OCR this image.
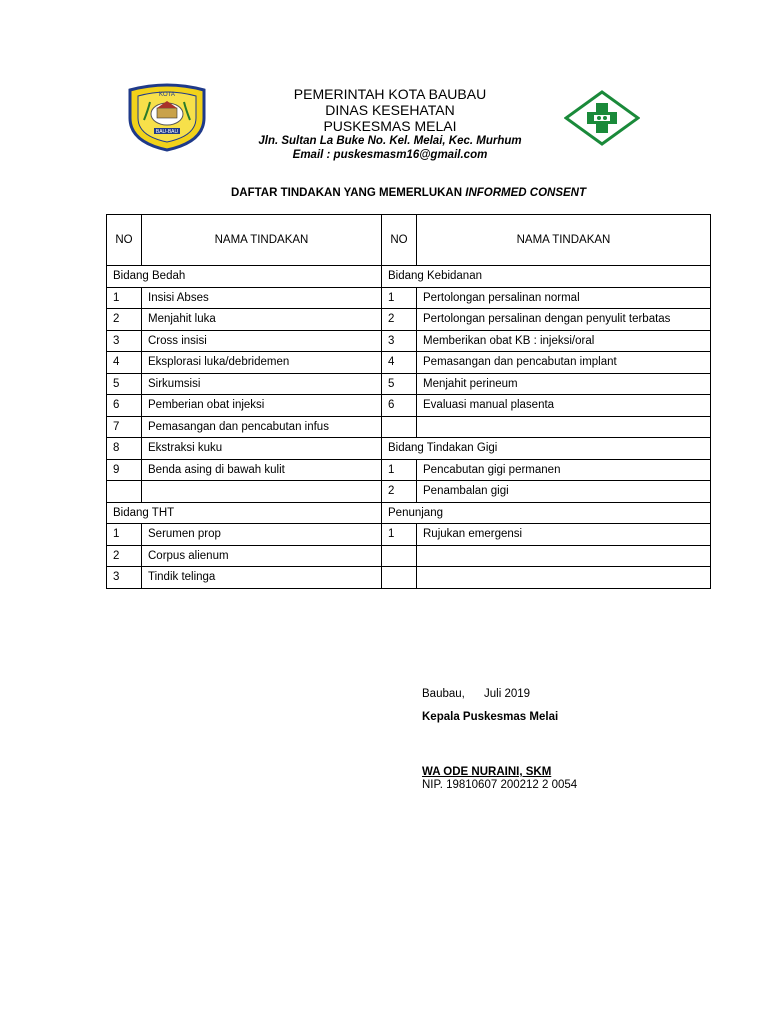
KOTA
BAU-BAU
PEMERINTAH KOTA BAUBAU
DINAS KESEHATAN
PUSKESMAS MELAI
Jln. Sultan La Buke No. Kel. Melai, Kec. Murhum
Email : puskesmasm16@gmail.com
DAFTAR TINDAKAN YANG MEMERLUKAN INFORMED CONSENT
NO	NAMA TINDAKAN	NO	NAMA TINDAKAN
Bidang Bedah		Bidang Kebidanan	
1	Insisi Abses	1	Pertolongan persalinan normal
2	Menjahit luka	2	Pertolongan persalinan dengan penyulit terbatas
3	Cross insisi	3	Memberikan obat KB : injeksi/oral
4	Eksplorasi luka/debridemen	4	Pemasangan dan pencabutan implant
5	Sirkumsisi	5	Menjahit perineum
6	Pemberian obat injeksi	6	Evaluasi manual plasenta
7	Pemasangan dan pencabutan infus		
8	Ekstraksi kuku	Bidang Tindakan Gigi	
9	Benda asing di bawah kulit	1	Pencabutan gigi permanen
		2	Penambalan gigi
Bidang THT		Penunjang	
1	Serumen prop	1	Rujukan emergensi
2	Corpus alienum		
3	Tindik telinga		
Baubau,      Juli 2019
Kepala Puskesmas Melai
WA ODE NURAINI, SKM
NIP. 19810607 200212 2 0054
